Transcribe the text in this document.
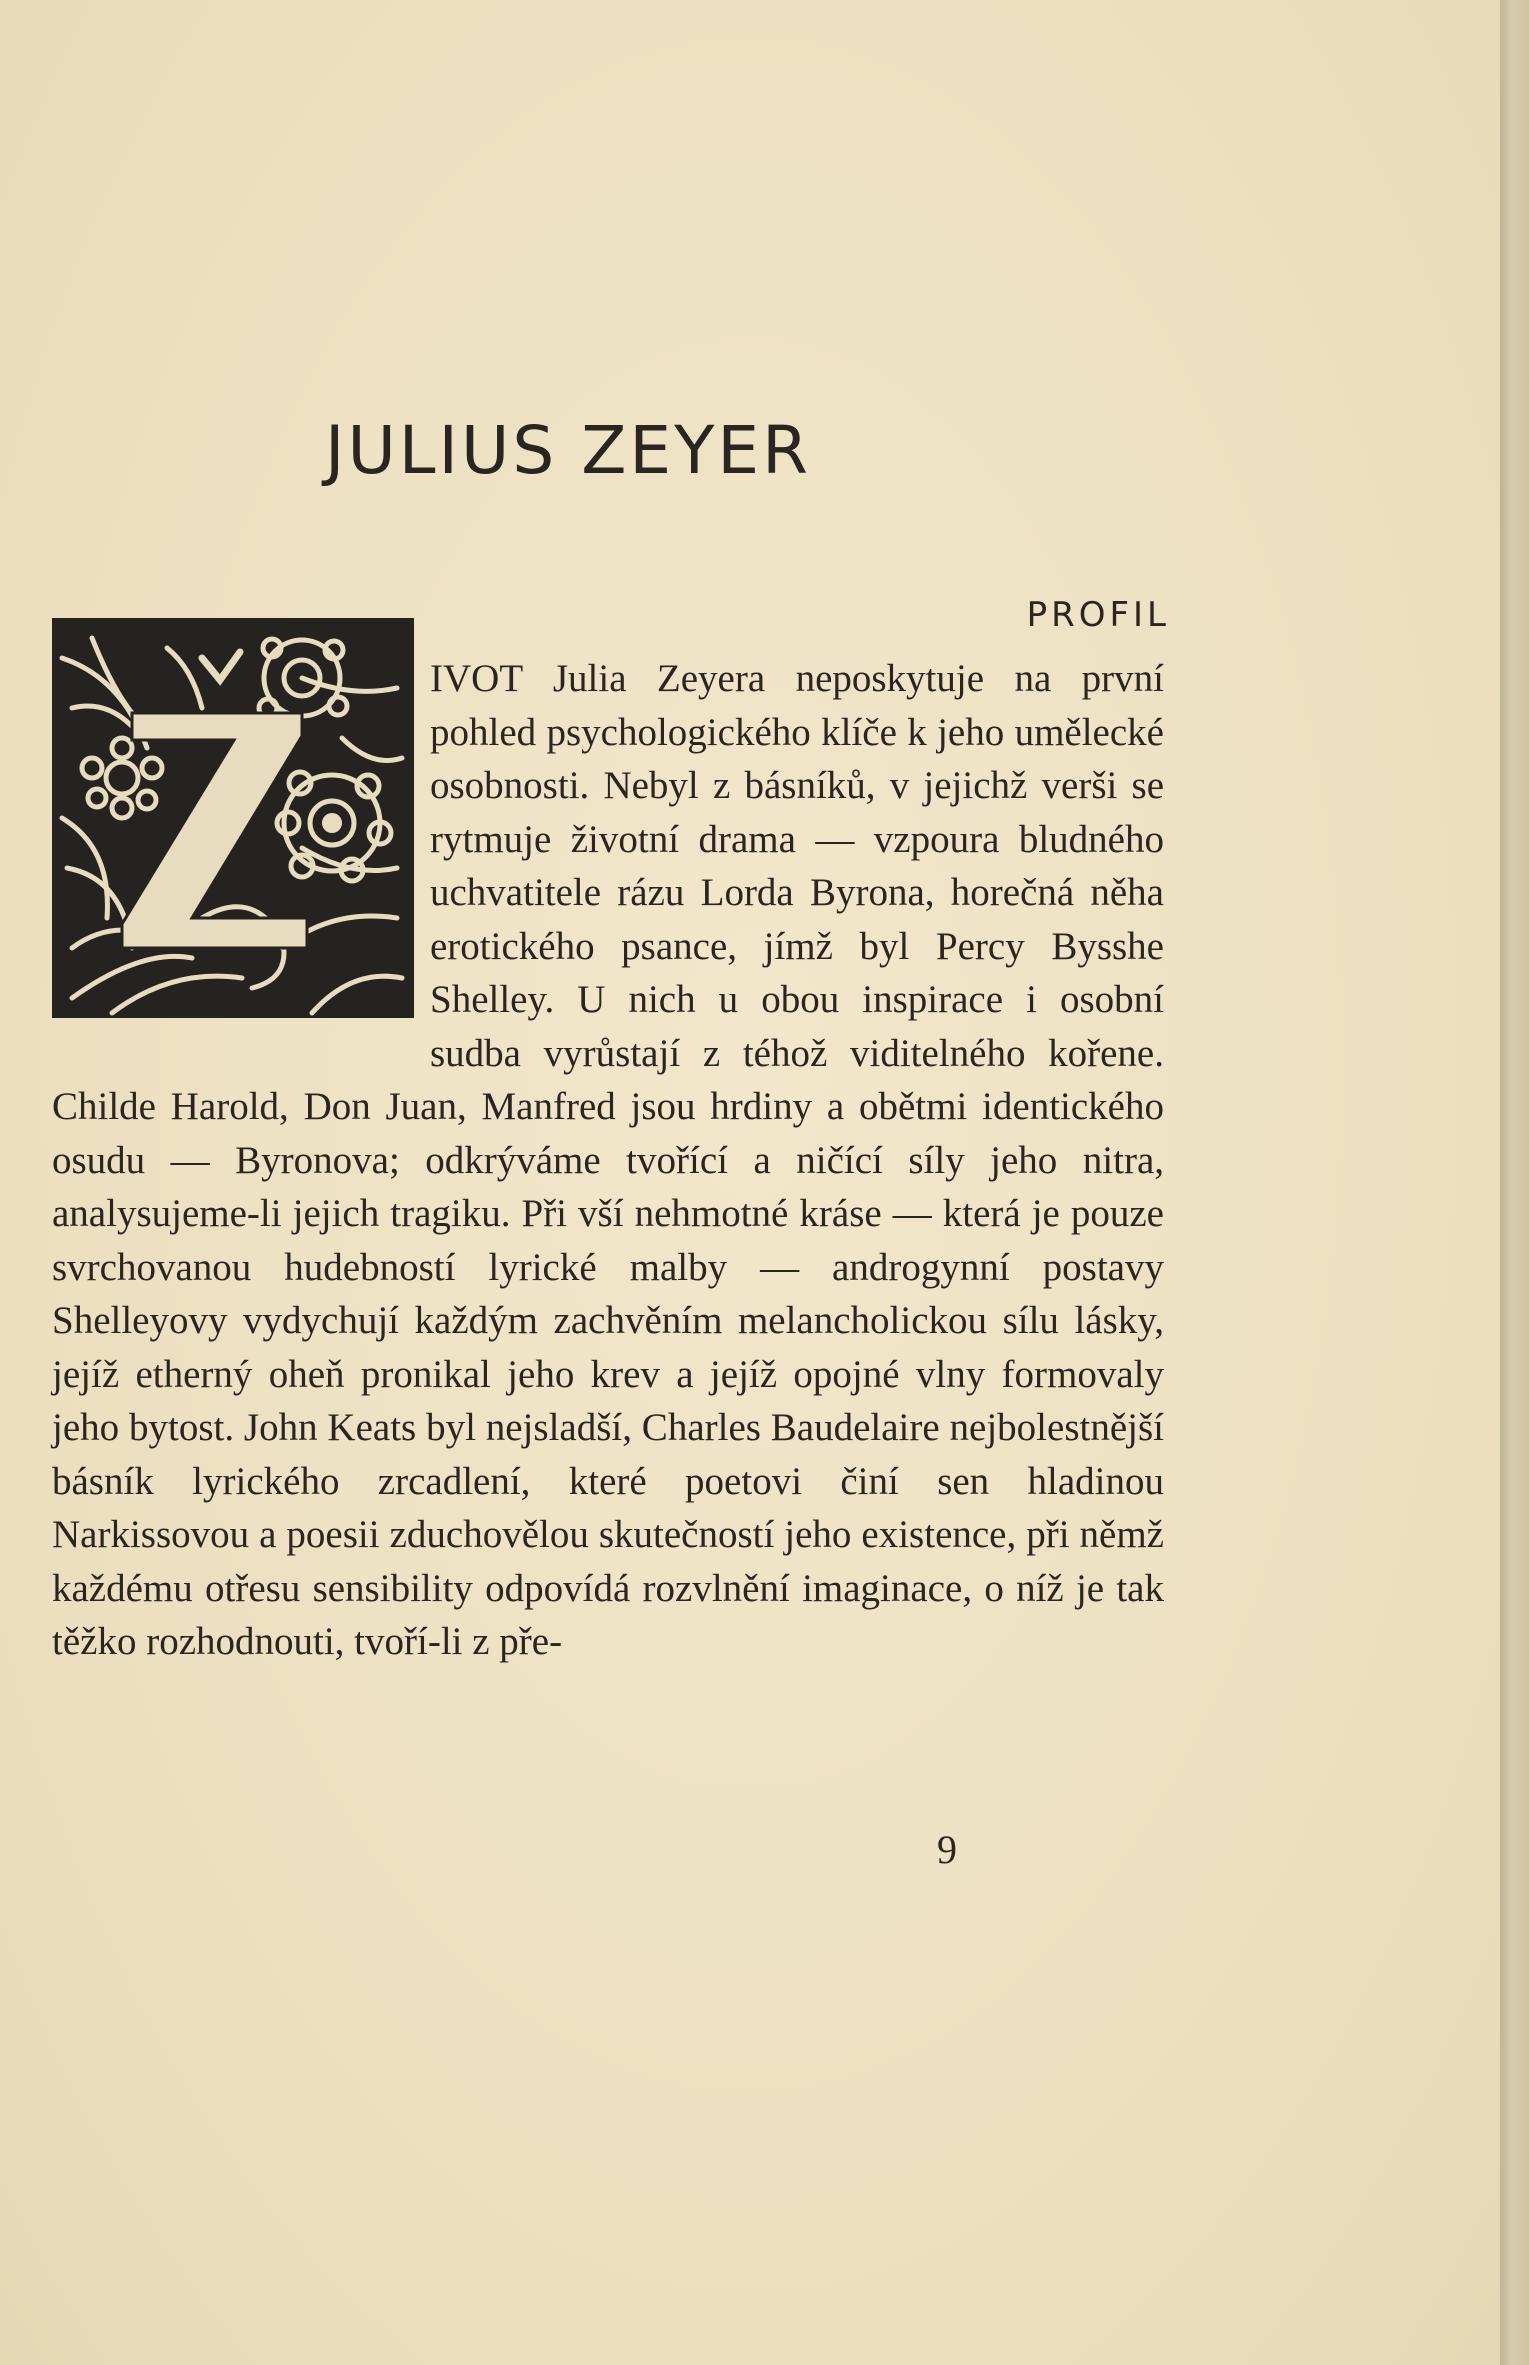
JULIUS ZEYER
PROFIL

IVOT Julia Zeyera neposkytuje na první pohled psychologického klíče k jeho umělecké osobnosti. Nebyl z básníků, v jejichž verši se rytmuje životní drama — vzpoura bludného uchvatitele rázu Lorda Byrona, horečná něha erotického psance, jímž byl Percy Bysshe Shelley. U nich u obou inspirace i osobní sudba vyrůstají z téhož viditelného kořene. Childe Harold, Don Juan, Manfred jsou hrdiny a obětmi identického osudu — Byronova; odkrýváme tvořící a ničící síly jeho nitra, analysujeme-li jejich tragiku. Při vší nehmotné kráse — která je pouze svrchovanou hudebností lyrické malby — androgynní postavy Shelleyovy vydychují každým zachvěním melancholickou sílu lásky, jejíž etherný oheň pronikal jeho krev a jejíž opojné vlny formovaly jeho bytost. John Keats byl nejsladší, Charles Baudelaire nejbolestnější básník lyrického zrcadlení, které poetovi činí sen hladinou Narkissovou a poesii zduchovělou skutečností jeho existence, při němž každému otřesu sensibility odpovídá rozvlnění imaginace, o níž je tak těžko rozhodnouti, tvoří-li z pře-

9
